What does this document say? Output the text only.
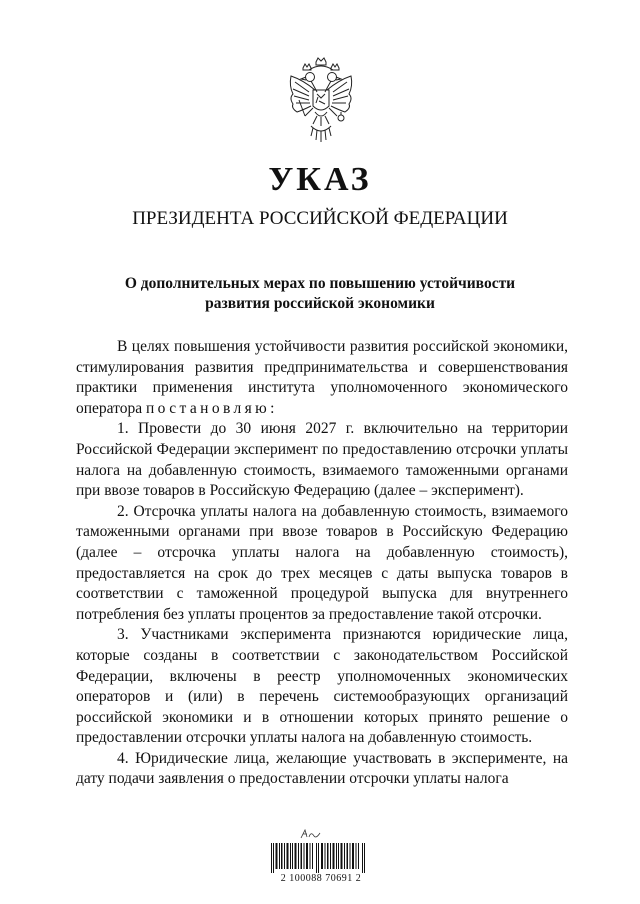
УКАЗ
ПРЕЗИДЕНТА РОССИЙСКОЙ ФЕДЕРАЦИИ
О дополнительных мерах по повышению устойчивости
развития российской экономики

В целях повышения устойчивости развития российской экономики, стимулирования развития предпринимательства и совершенствования практики применения института уполномоченного экономического оператора постановляю:

1. Провести до 30 июня 2027 г. включительно на территории Российской Федерации эксперимент по предоставлению отсрочки уплаты налога на добавленную стоимость, взимаемого таможенными органами при ввозе товаров в Российскую Федерацию (далее – эксперимент).

2. Отсрочка уплаты налога на добавленную стоимость, взимаемого таможенными органами при ввозе товаров в Российскую Федерацию (далее – отсрочка уплаты налога на добавленную стоимость), предоставляется на срок до трех месяцев с даты выпуска товаров в соответствии с таможенной процедурой выпуска для внутреннего потребления без уплаты процентов за предоставление такой отсрочки.

3. Участниками эксперимента признаются юридические лица, которые созданы в соответствии с законодательством Российской Федерации, включены в реестр уполномоченных экономических операторов и (или) в перечень системообразующих организаций российской экономики и в отношении которых принято решение о предоставлении отсрочки уплаты налога на добавленную стоимость.

4. Юридические лица, желающие участвовать в эксперименте, на дату подачи заявления о предоставлении отсрочки уплаты налога

2 100088 70691 2
